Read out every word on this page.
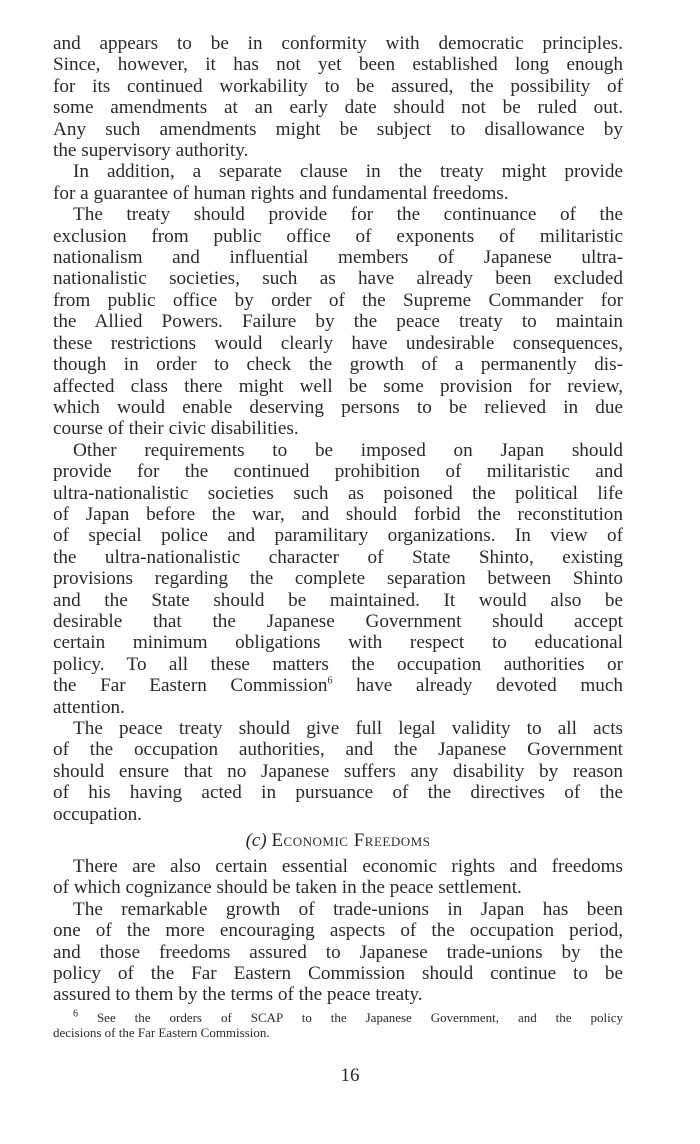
and appears to be in conformity with democratic principles.
Since, however, it has not yet been established long enough
for its continued workability to be assured, the possibility of
some amendments at an early date should not be ruled out.
Any such amendments might be subject to disallowance by
the supervisory authority.

In addition, a separate clause in the treaty might provide
for a guarantee of human rights and fundamental freedoms.

The treaty should provide for the continuance of the
exclusion from public office of exponents of militaristic
nationalism and influential members of Japanese ultra-
nationalistic societies, such as have already been excluded
from public office by order of the Supreme Commander for
the Allied Powers. Failure by the peace treaty to maintain
these restrictions would clearly have undesirable consequences,
though in order to check the growth of a permanently dis-
affected class there might well be some provision for review,
which would enable deserving persons to be relieved in due
course of their civic disabilities.

Other requirements to be imposed on Japan should
provide for the continued prohibition of militaristic and
ultra-nationalistic societies such as poisoned the political life
of Japan before the war, and should forbid the reconstitution
of special police and paramilitary organizations. In view of
the ultra-nationalistic character of State Shinto, existing
provisions regarding the complete separation between Shinto
and the State should be maintained. It would also be
desirable that the Japanese Government should accept
certain minimum obligations with respect to educational
policy. To all these matters the occupation authorities or
the Far Eastern Commission$^6$ have already devoted much
attention.

The peace treaty should give full legal validity to all acts
of the occupation authorities, and the Japanese Government
should ensure that no Japanese suffers any disability by reason
of his having acted in pursuance of the directives of the
occupation.

(c) Economic Freedoms

There are also certain essential economic rights and freedoms
of which cognizance should be taken in the peace settlement.

The remarkable growth of trade-unions in Japan has been
one of the more encouraging aspects of the occupation period,
and those freedoms assured to Japanese trade-unions by the
policy of the Far Eastern Commission should continue to be
assured to them by the terms of the peace treaty.

$^6$ See the orders of SCAP to the Japanese Government, and the policy
decisions of the Far Eastern Commission.
16
